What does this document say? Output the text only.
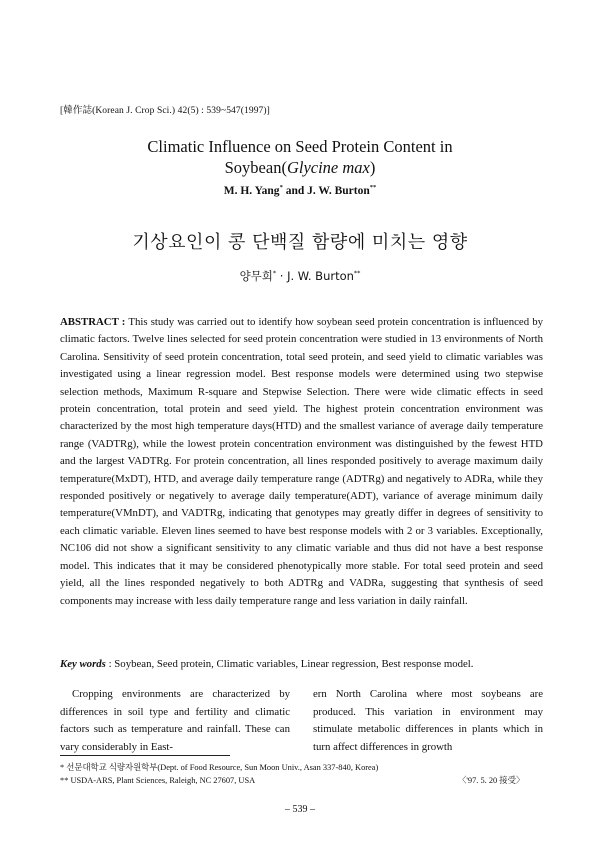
[韓作誌(Korean J. Crop Sci.) 42(5) : 539~547(1997)]
Climatic Influence on Seed Protein Content in
Soybean(Glycine max)
M. H. Yang* and J. W. Burton**
기상요인이 콩 단백질 함량에 미치는 영향
양무희* · J. W. Burton**

ABSTRACT : This study was carried out to identify how soybean seed protein concentration is influenced by climatic factors. Twelve lines selected for seed protein concentration were studied in 13 environments of North Carolina. Sensitivity of seed protein concentration, total seed protein, and seed yield to climatic variables was investigated using a linear regression model. Best response models were determined using two stepwise selection methods, Maximum R-square and Stepwise Selection. There were wide climatic effects in seed protein concentration, total protein and seed yield. The highest protein concentration environment was characterized by the most high temperature days(HTD) and the smallest variance of average daily temperature range (VADTRg), while the lowest protein concentration environment was distinguished by the fewest HTD and the largest VADTRg. For protein concentration, all lines responded positively to average maximum daily temperature(MxDT), HTD, and average daily temperature range (ADTRg) and negatively to ADRa, while they responded positively or negatively to average daily temperature(ADT), variance of average minimum daily temperature(VMnDT), and VADTRg, indicating that genotypes may greatly differ in degrees of sensitivity to each climatic variable. Eleven lines seemed to have best response models with 2 or 3 variables. Exceptionally, NC106 did not show a significant sensitivity to any climatic variable and thus did not have a best response model. This indicates that it may be considered phenotypically more stable. For total seed protein and seed yield, all the lines responded negatively to both ADTRg and VADRa, suggesting that synthesis of seed components may increase with less daily temperature range and less variation in daily rainfall.

Key words : Soybean, Seed protein, Climatic variables, Linear regression, Best response model.

Cropping environments are characterized by differences in soil type and fertility and climatic factors such as temperature and rainfall. These can vary considerably in East-

ern North Carolina where most soybeans are produced. This variation in environment may stimulate metabolic differences in plants which in turn affect differences in growth

* 선문대학교 식량자원학부(Dept. of Food Resource, Sun Moon Univ., Asan 337-840, Korea)
** USDA-ARS, Plant Sciences, Raleigh, NC 27607, USA	〈'97. 5. 20 接受〉
– 539 –
